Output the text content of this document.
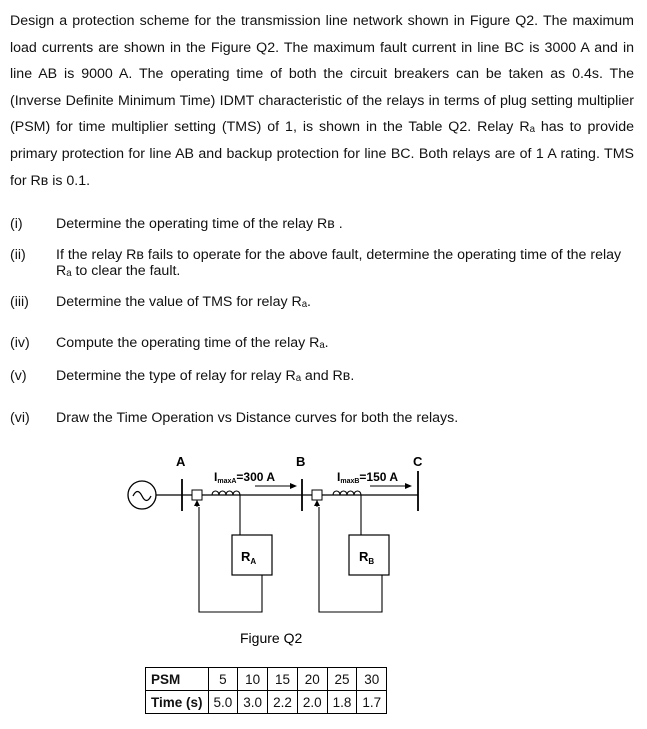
Design a protection scheme for the transmission line network shown in Figure Q2. The maximum load currents are shown in the Figure Q2. The maximum fault current in line BC is 3000 A and in line AB is 9000 A. The operating time of both the circuit breakers can be taken as 0.4s. The (Inverse Definite Minimum Time) IDMT characteristic of the relays in terms of plug setting multiplier (PSM) for time multiplier setting (TMS) of 1, is shown in the Table Q2. Relay Rₐ has to provide primary protection for line AB and backup protection for line BC. Both relays are of 1 A rating. TMS for Rʙ is 0.1.
(i) Determine the operating time of the relay Rʙ .
(ii) If the relay Rʙ fails to operate for the above fault, determine the operating time of the relay Rₐ to clear the fault.
(iii) Determine the value of TMS for relay Rₐ.
(iv) Compute the operating time of the relay Rₐ.
(v) Determine the type of relay for relay Rₐ and Rʙ.
(vi) Draw the Time Operation vs Distance curves for both the relays.
A	B	C
ImaxA=300 A	ImaxB=150 A
$R_A$	$R_B$
Figure Q2
PSM	5	10	15	20	25	30
Time (s)	5.0	3.0	2.2	2.0	1.8	1.7
